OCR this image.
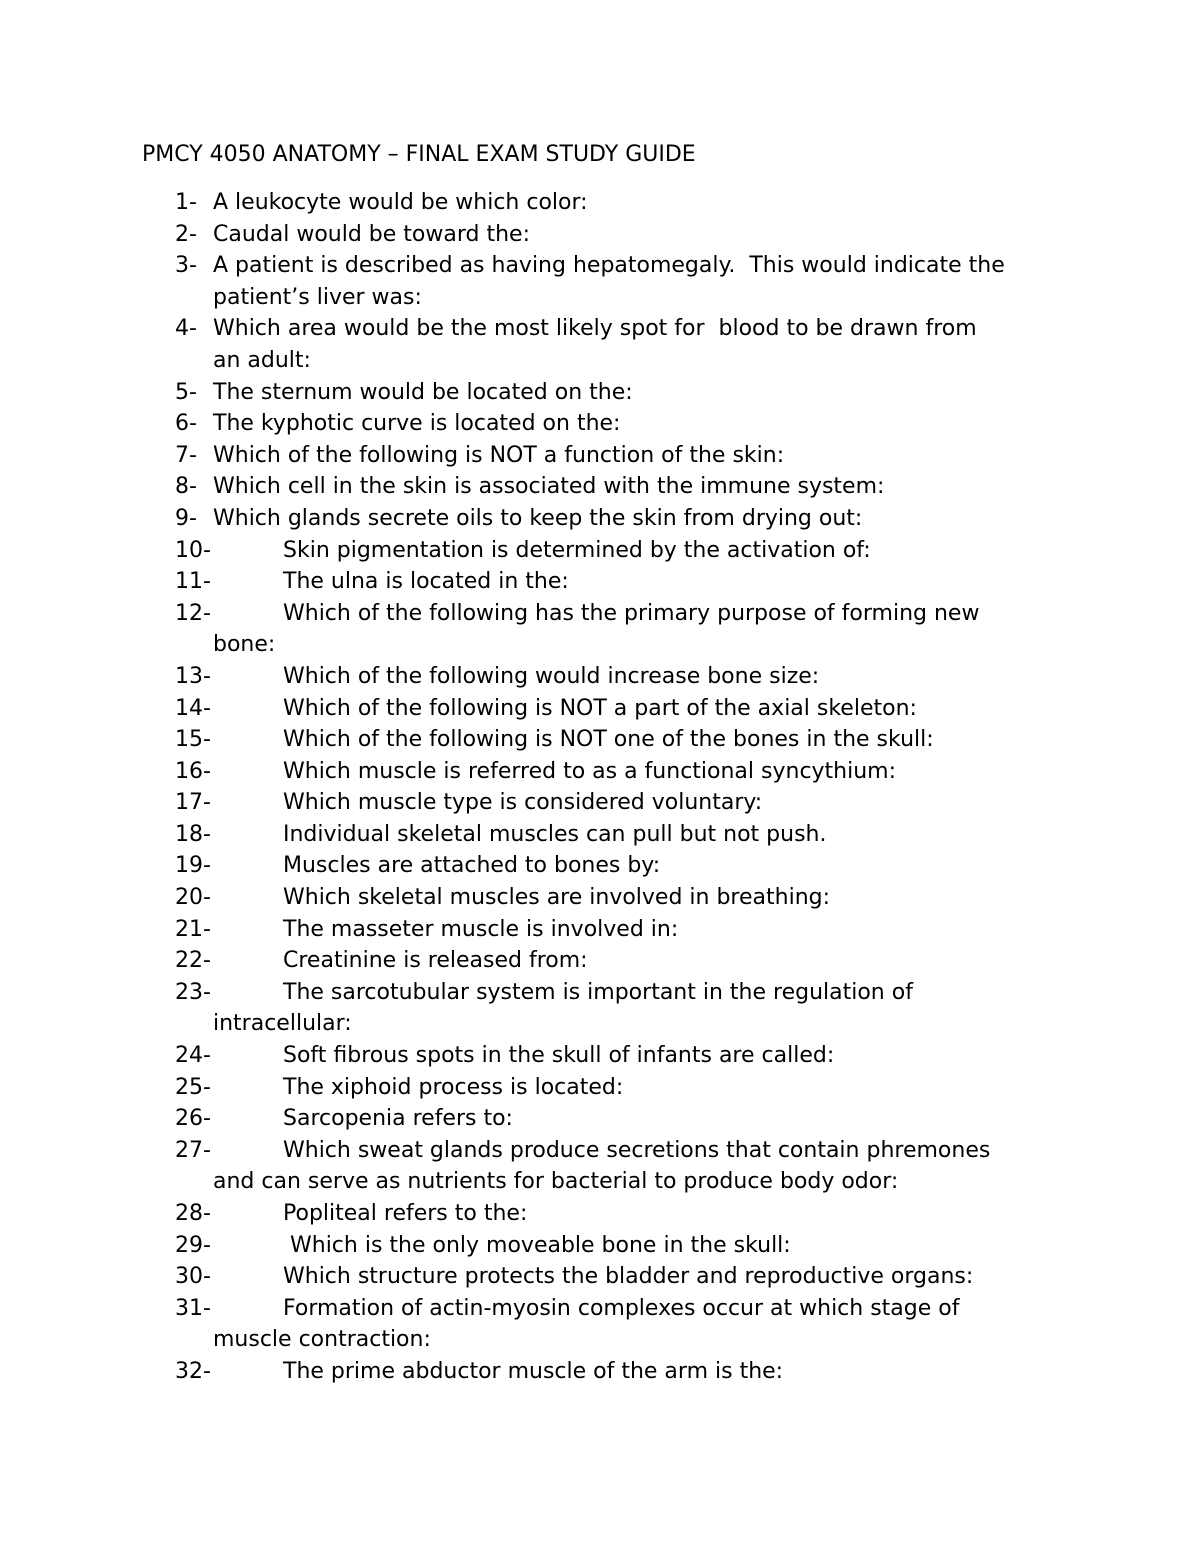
PMCY 4050 ANATOMY – FINAL EXAM STUDY GUIDE
1- A leukocyte would be which color:
2- Caudal would be toward the:
3- A patient is described as having hepatomegaly.  This would indicate the
patient’s liver was:
4- Which area would be the most likely spot for  blood to be drawn from
an adult:
5- The sternum would be located on the:
6- The kyphotic curve is located on the:
7- Which of the following is NOT a function of the skin:
8- Which cell in the skin is associated with the immune system:
9- Which glands secrete oils to keep the skin from drying out:
10-	Skin pigmentation is determined by the activation of:
11-	The ulna is located in the:
12-	Which of the following has the primary purpose of forming new
bone:
13-	Which of the following would increase bone size:
14-	Which of the following is NOT a part of the axial skeleton:
15-	Which of the following is NOT one of the bones in the skull:
16-	Which muscle is referred to as a functional syncythium:
17-	Which muscle type is considered voluntary:
18-	Individual skeletal muscles can pull but not push.
19-	Muscles are attached to bones by:
20-	Which skeletal muscles are involved in breathing:
21-	The masseter muscle is involved in:
22-	Creatinine is released from:
23-	The sarcotubular system is important in the regulation of
intracellular:
24-	Soft fibrous spots in the skull of infants are called:
25-	The xiphoid process is located:
26-	Sarcopenia refers to:
27-	Which sweat glands produce secretions that contain phremones
and can serve as nutrients for bacterial to produce body odor:
28-	Popliteal refers to the:
29-	Which is the only moveable bone in the skull:
30-	Which structure protects the bladder and reproductive organs:
31-	Formation of actin-myosin complexes occur at which stage of
muscle contraction:
32-	The prime abductor muscle of the arm is the:
